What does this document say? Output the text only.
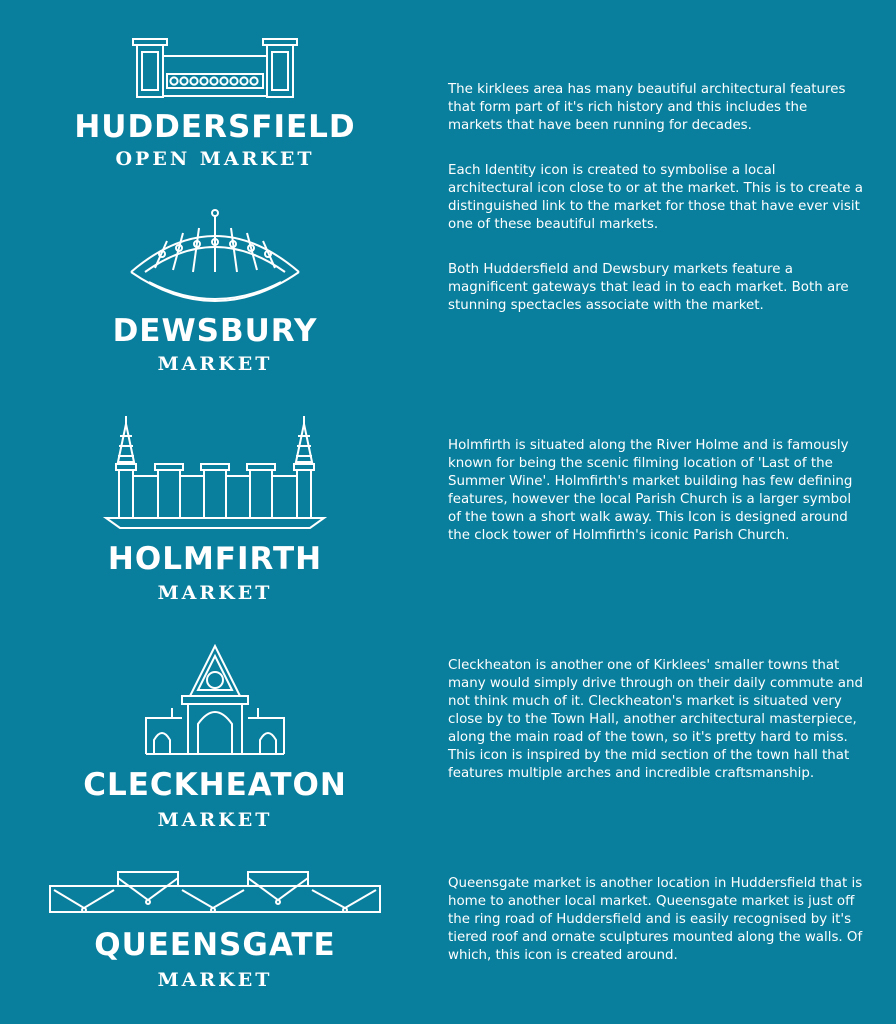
HUDDERSFIELD
OPEN MARKET
DEWSBURY
MARKET
HOLMFIRTH
MARKET
CLECKHEATON
MARKET
QUEENSGATE
MARKET

The kirklees area has many beautiful architectural features that form part of it's rich history and this includes the markets that have been running for decades.

Each Identity icon is created to symbolise a local architectural icon close to or at the market. This is to create a distinguished link to the market for those that have ever visit one of these beautiful markets.

Both Huddersfield and Dewsbury markets feature a magnificent gateways that lead in to each market. Both are stunning spectacles associate with the market.

Holmfirth is situated along the River Holme and is famously known for being the scenic filming location of 'Last of the Summer Wine'. Holmfirth's market building has few defining features, however the local Parish Church is a larger symbol of the town a short walk away. This Icon is designed around the clock tower of Holmfirth's iconic Parish Church.

Cleckheaton is another one of Kirklees' smaller towns that many would simply drive through on their daily commute and not think much of it. Cleckheaton's market is situated very close by to the Town Hall, another architectural masterpiece, along the main road of the town, so it's pretty hard to miss. This icon is inspired by the mid section of the town hall that features multiple arches and incredible craftsmanship.

Queensgate market is another location in Huddersfield that is home to another local market. Queensgate market is just off the ring road of Huddersfield and is easily recognised by it's tiered roof and ornate sculptures mounted along the walls. Of which, this icon is created around.
